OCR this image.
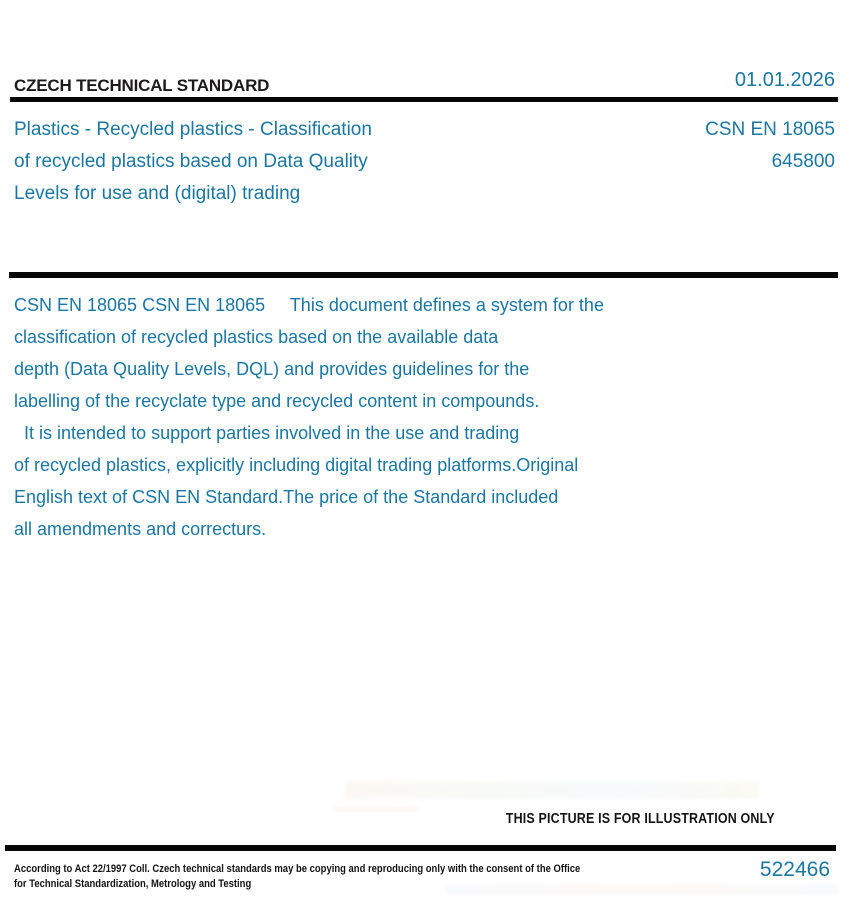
CZECH TECHNICAL STANDARD	01.01.2026
Plastics - Recycled plastics - Classification
of recycled plastics based on Data Quality
Levels for use and (digital) trading
CSN EN 18065
645800
CSN EN 18065 CSN EN 18065     This document defines a system for the
classification of recycled plastics based on the available data
depth (Data Quality Levels, DQL) and provides guidelines for the
labelling of the recyclate type and recycled content in compounds.
It is intended to support parties involved in the use and trading
of recycled plastics, explicitly including digital trading platforms.Original
English text of CSN EN Standard.The price of the Standard included
all amendments and correcturs.
THIS PICTURE IS FOR ILLUSTRATION ONLY
According to Act 22/1997 Coll. Czech technical standards may be copying and reproducing only with the consent of the Office
for Technical Standardization, Metrology and Testing
522466
